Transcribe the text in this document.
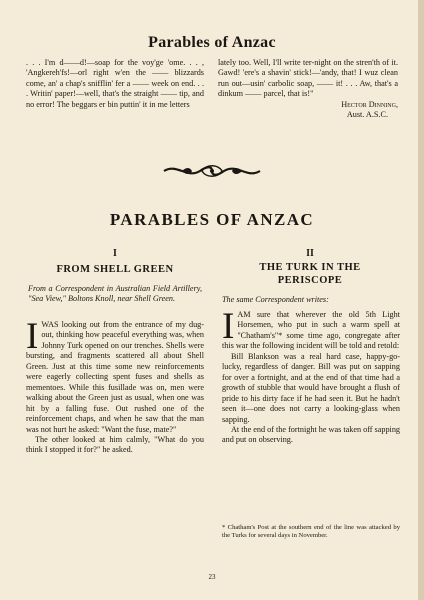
Parables of Anzac

. . . I'm d——d!—soap for the voy'ge 'ome. . . , 'Angkereh'fs!—orl right w'en the —— blizzards come, an' a chap's snifflin' fer a —— week on end. . . . Writin' paper!—well, that's the straight —— tip, and no error! The beggars er bin puttin' it in me letters

lately too. Well, I'll write ter-night on the stren'th of it. Gawd! 'ere's a shavin' stick!—'andy, that! I wuz clean run out—usin' carbolic soap, —— it! . . . Aw, that's a dinkum —— parcel, that is!"

Hector Dinning,

Aust. A.S.C.

PARABLES OF ANZAC
I
FROM SHELL GREEN
From a Correspondent in Australian Field Artillery, "Sea View," Boltons Knoll, near Shell Green.

IWAS looking out from the entrance of my dug-out, thinking how peaceful everything was, when Johnny Turk opened on our trenches. Shells were bursting, and fragments scattered all about Shell Green. Just at this time some new reinforcements were eagerly collecting spent fuses and shells as mementoes. While this fusillade was on, men were walking about the Green just as usual, when one was hit by a falling fuse. Out rushed one of the reinforcement chaps, and when he saw that the man was not hurt he asked: "Want the fuse, mate?"

The other looked at him calmly, "What do you think I stopped it for?" he asked.

II
THE TURK IN THE
PERISCOPE
The same Correspondent writes:

IAM sure that wherever the old 5th Light Horsemen, who put in such a warm spell at "Chatham's"* some time ago, congregate after this war the following incident will be told and retold:

Bill Blankson was a real hard case, happy-go-lucky, regardless of danger. Bill was put on sapping for over a fortnight, and at the end of that time had a growth of stubble that would have brought a flush of pride to his dirty face if he had seen it. But he hadn't seen it—one does not carry a looking-glass when sapping.

At the end of the fortnight he was taken off sapping and put on observing.

* Chatham's Post at the southern end of the line was attacked by the Turks for several days in November.
23
